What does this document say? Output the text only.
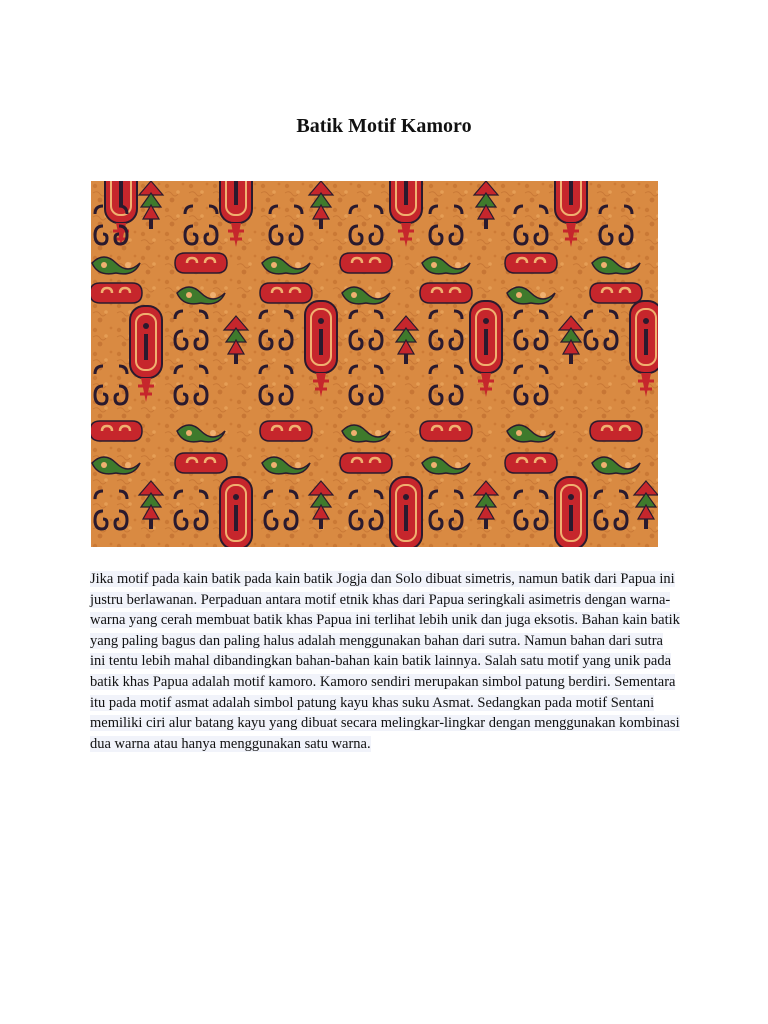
Batik Motif Kamoro

Jika motif pada kain batik pada kain batik Jogja dan Solo dibuat simetris, namun batik dari Papua ini justru berlawanan. Perpaduan antara motif etnik khas dari Papua seringkali asimetris dengan warna-warna yang cerah membuat batik khas Papua ini terlihat lebih unik dan juga eksotis. Bahan kain batik yang paling bagus dan paling halus adalah menggunakan bahan dari sutra. Namun bahan dari sutra ini tentu lebih mahal dibandingkan bahan-bahan kain batik lainnya. Salah satu motif yang unik pada batik khas Papua adalah motif kamoro. Kamoro sendiri merupakan simbol patung berdiri. Sementara itu pada motif asmat adalah simbol patung kayu khas suku Asmat. Sedangkan pada motif Sentani memiliki ciri alur batang kayu yang dibuat secara melingkar-lingkar dengan menggunakan kombinasi dua warna atau hanya menggunakan satu warna.
